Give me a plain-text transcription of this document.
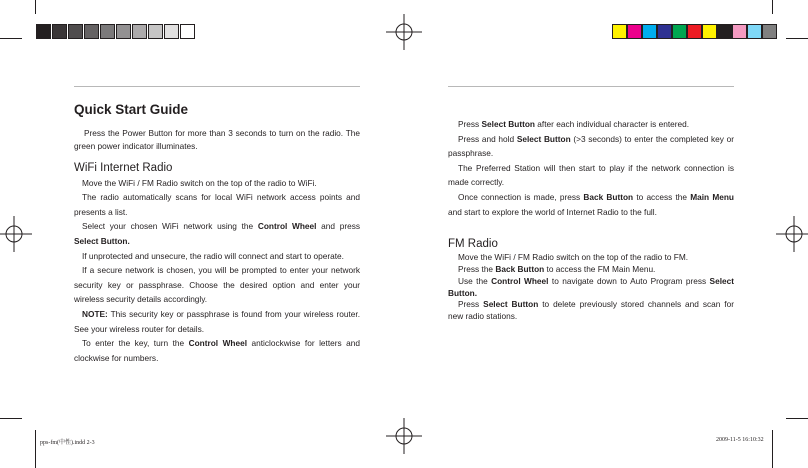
Quick Start Guide

Press the Power Button for more than 3 seconds to turn on the radio. The green power indicator illuminates.

WiFi Internet Radio

Move the WiFi / FM Radio switch on the top of the radio to WiFi.

The radio automatically scans for local WiFi network access points and presents a list.

Select your chosen WiFi network using the Control Wheel and press Select Button.

If unprotected and unsecure, the radio will connect and start to operate.

If a secure network is chosen, you will be prompted to enter your network security key or passphrase. Choose the desired option and enter your wireless security details accordingly.

NOTE: This security key or passphrase is found from your wireless router. See your wireless router for details.

To enter the key, turn the Control Wheel anticlockwise for letters and clockwise for numbers.

Press Select Button after each individual character is entered.

Press and hold Select Button (>3 seconds) to enter the completed key or passphrase.

The Preferred Station will then start to play if the network connection is made correctly.

Once connection is made, press Back Button to access the Main Menu and start to explore the world of Internet Radio to the full.

FM Radio

Move the WiFi / FM Radio switch on the top of the radio to FM.

Press the Back Button to access the FM Main Menu.

Use the Control Wheel to navigate down to Auto Program press Select Button.

Press Select Button to delete previously stored channels and scan for new radio stations.

pps-fm(中性).indd 2-3	2009-11-5 16:10:32
